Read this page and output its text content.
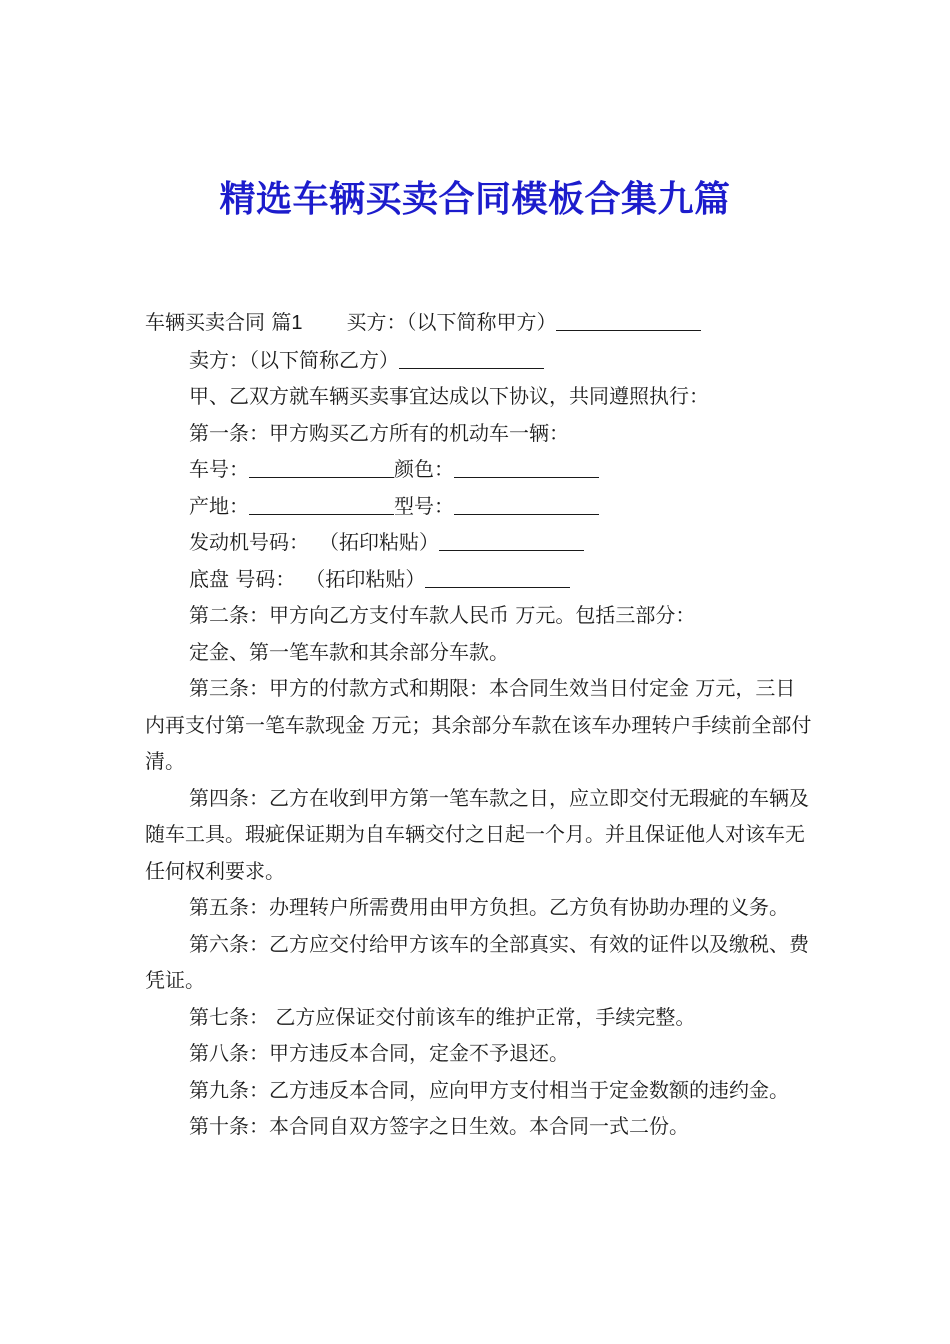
精选车辆买卖合同模板合集九篇

车辆买卖合同 篇1 买方：（以下简称甲方）

卖方：（以下简称乙方）

甲、乙双方就车辆买卖事宜达成以下协议，共同遵照执行：

第一条：甲方购买乙方所有的机动车一辆：

车号：	颜色：

产地：	型号：

发动机号码： （拓印粘贴）

底盘 号码： （拓印粘贴）

第二条：甲方向乙方支付车款人民币 万元。包括三部分：

定金、第一笔车款和其余部分车款。

第三条：甲方的付款方式和期限：本合同生效当日付定金 万元，三日内再支付第一笔车款现金 万元；其余部分车款在该车办理转户手续前全部付清。

第四条：乙方在收到甲方第一笔车款之日，应立即交付无瑕疵的车辆及随车工具。瑕疵保证期为自车辆交付之日起一个月。并且保证他人对该车无任何权利要求。

第五条：办理转户所需费用由甲方负担。乙方负有协助办理的义务。

第六条：乙方应交付给甲方该车的全部真实、有效的证件以及缴税、费凭证。

第七条： 乙方应保证交付前该车的维护正常，手续完整。

第八条：甲方违反本合同，定金不予退还。

第九条：乙方违反本合同，应向甲方支付相当于定金数额的违约金。

第十条：本合同自双方签字之日生效。本合同一式二份。
